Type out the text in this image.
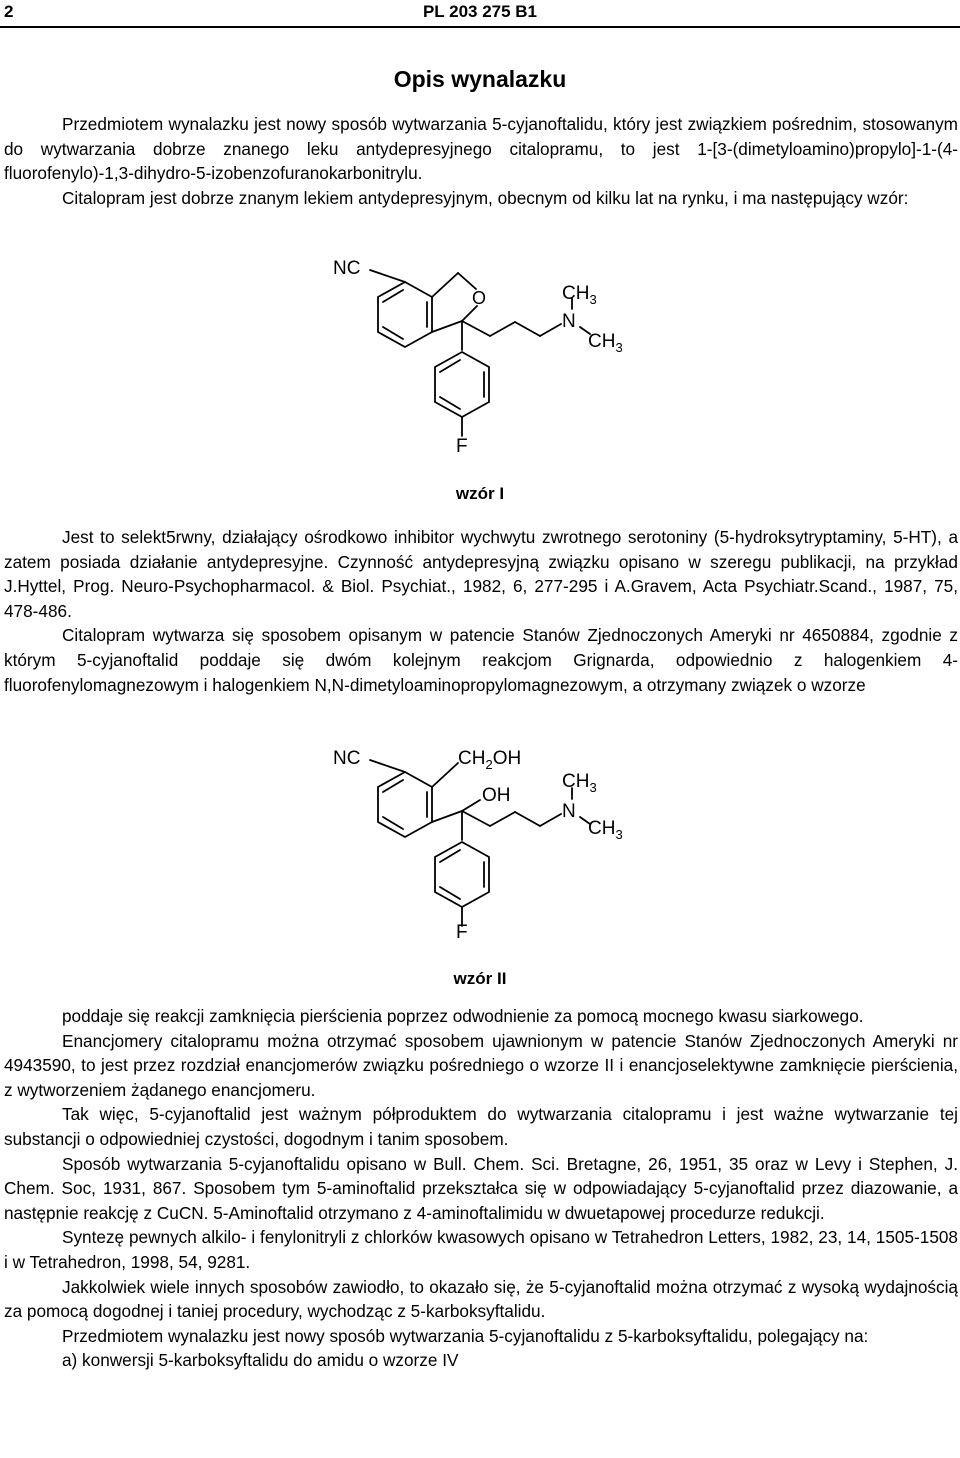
2	PL 203 275 B1
Opis wynalazku

Przedmiotem wynalazku jest nowy sposób wytwarzania 5-cyjanoftalidu, który jest związkiem pośrednim, stosowanym do wytwarzania dobrze znanego leku antydepresyjnego citalopramu, to jest 1-[3-(dimetyloamino)propylo]-1-(4-fluorofenylo)-1,3-dihydro-5-izobenzofuranokarbonitrylu.

Citalopram jest dobrze znanym lekiem antydepresyjnym, obecnym od kilku lat na rynku, i ma następujący wzór:

NC
O	$CH_3$
N
$CH_3$
F
wzór I

Jest to selekt5rwny, działający ośrodkowo inhibitor wychwytu zwrotnego serotoniny (5-hydroksytryptaminy, 5-HT), a zatem posiada działanie antydepresyjne. Czynność antydepresyjną związku opisano w szeregu publikacji, na przykład J.Hyttel, Prog. Neuro-Psychopharmacol. & Biol. Psychiat., 1982, 6, 277-295 i A.Gravem, Acta Psychiatr.Scand., 1987, 75, 478-486.

Citalopram wytwarza się sposobem opisanym w patencie Stanów Zjednoczonych Ameryki nr 4650884, zgodnie z którym 5-cyjanoftalid poddaje się dwóm kolejnym reakcjom Grignarda, odpowiednio z halogenkiem 4-fluorofenylomagnezowym i halogenkiem N,N-dimetyloaminopropylomagnezowym, a otrzymany związek o wzorze

NC	$CH_2OH$
OH
$CH_3$
N
$CH_3$
F
wzór II

poddaje się reakcji zamknięcia pierścienia poprzez odwodnienie za pomocą mocnego kwasu siarkowego.

Enancjomery citalopramu można otrzymać sposobem ujawnionym w patencie Stanów Zjednoczonych Ameryki nr 4943590, to jest przez rozdział enancjomerów związku pośredniego o wzorze II i enancjoselektywne zamknięcie pierścienia, z wytworzeniem żądanego enancjomeru.

Tak więc, 5-cyjanoftalid jest ważnym półproduktem do wytwarzania citalopramu i jest ważne wytwarzanie tej substancji o odpowiedniej czystości, dogodnym i tanim sposobem.

Sposób wytwarzania 5-cyjanoftalidu opisano w Bull. Chem. Sci. Bretagne, 26, 1951, 35 oraz w Levy i Stephen, J. Chem. Soc, 1931, 867. Sposobem tym 5-aminoftalid przekształca się w odpowiadający 5-cyjanoftalid przez diazowanie, a następnie reakcję z CuCN. 5-Aminoftalid otrzymano z 4-aminoftalimidu w dwuetapowej procedurze redukcji.

Syntezę pewnych alkilo- i fenylonitryli z chlorków kwasowych opisano w Tetrahedron Letters, 1982, 23, 14, 1505-1508 i w Tetrahedron, 1998, 54, 9281.

Jakkolwiek wiele innych sposobów zawiodło, to okazało się, że 5-cyjanoftalid można otrzymać z wysoką wydajnością za pomocą dogodnej i taniej procedury, wychodząc z 5-karboksyftalidu.

Przedmiotem wynalazku jest nowy sposób wytwarzania 5-cyjanoftalidu z 5-karboksyftalidu, polegający na:

a) konwersji 5-karboksyftalidu do amidu o wzorze IV
